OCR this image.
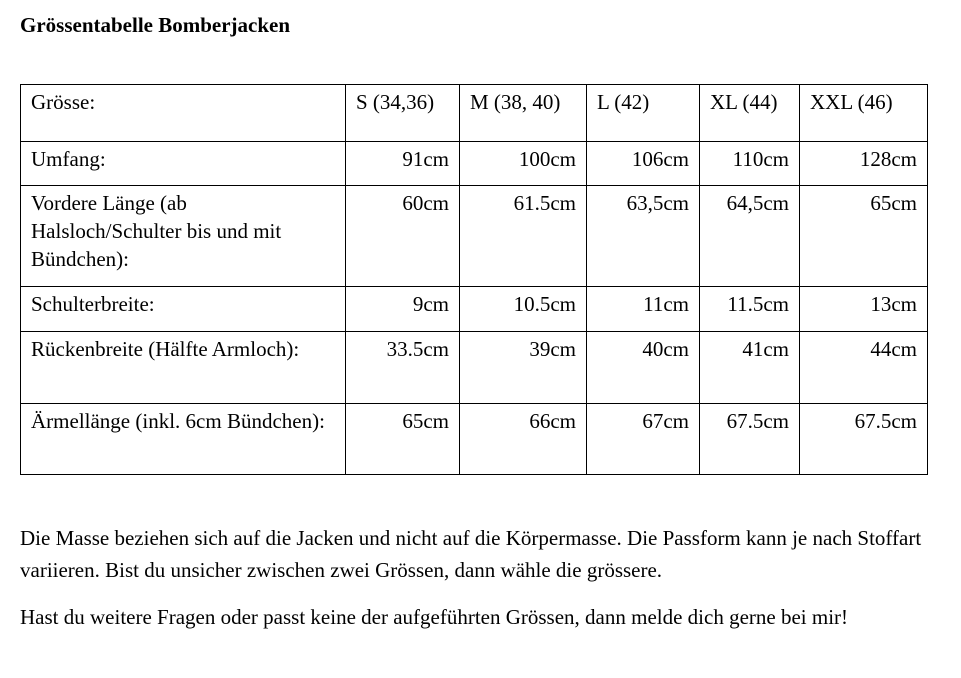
Grössentabelle Bomberjacken
Grösse:	S (34,36)	M (38, 40)	L (42)	XL (44)	XXL (46)
Umfang:	91cm	100cm	106cm	110cm	128cm
Vordere Länge (ab Halsloch/Schulter bis und mit Bündchen):	60cm	61.5cm	63,5cm	64,5cm	65cm
Schulterbreite:	9cm	10.5cm	11cm	11.5cm	13cm
Rückenbreite (Hälfte Armloch):	33.5cm	39cm	40cm	41cm	44cm
Ärmellänge (inkl. 6cm Bündchen):	65cm	66cm	67cm	67.5cm	67.5cm

Die Masse beziehen sich auf die Jacken und nicht auf die Körpermasse. Die Passform kann je nach Stoffart variieren. Bist du unsicher zwischen zwei Grössen, dann wähle die grössere.

Hast du weitere Fragen oder passt keine der aufgeführten Grössen, dann melde dich gerne bei mir!
